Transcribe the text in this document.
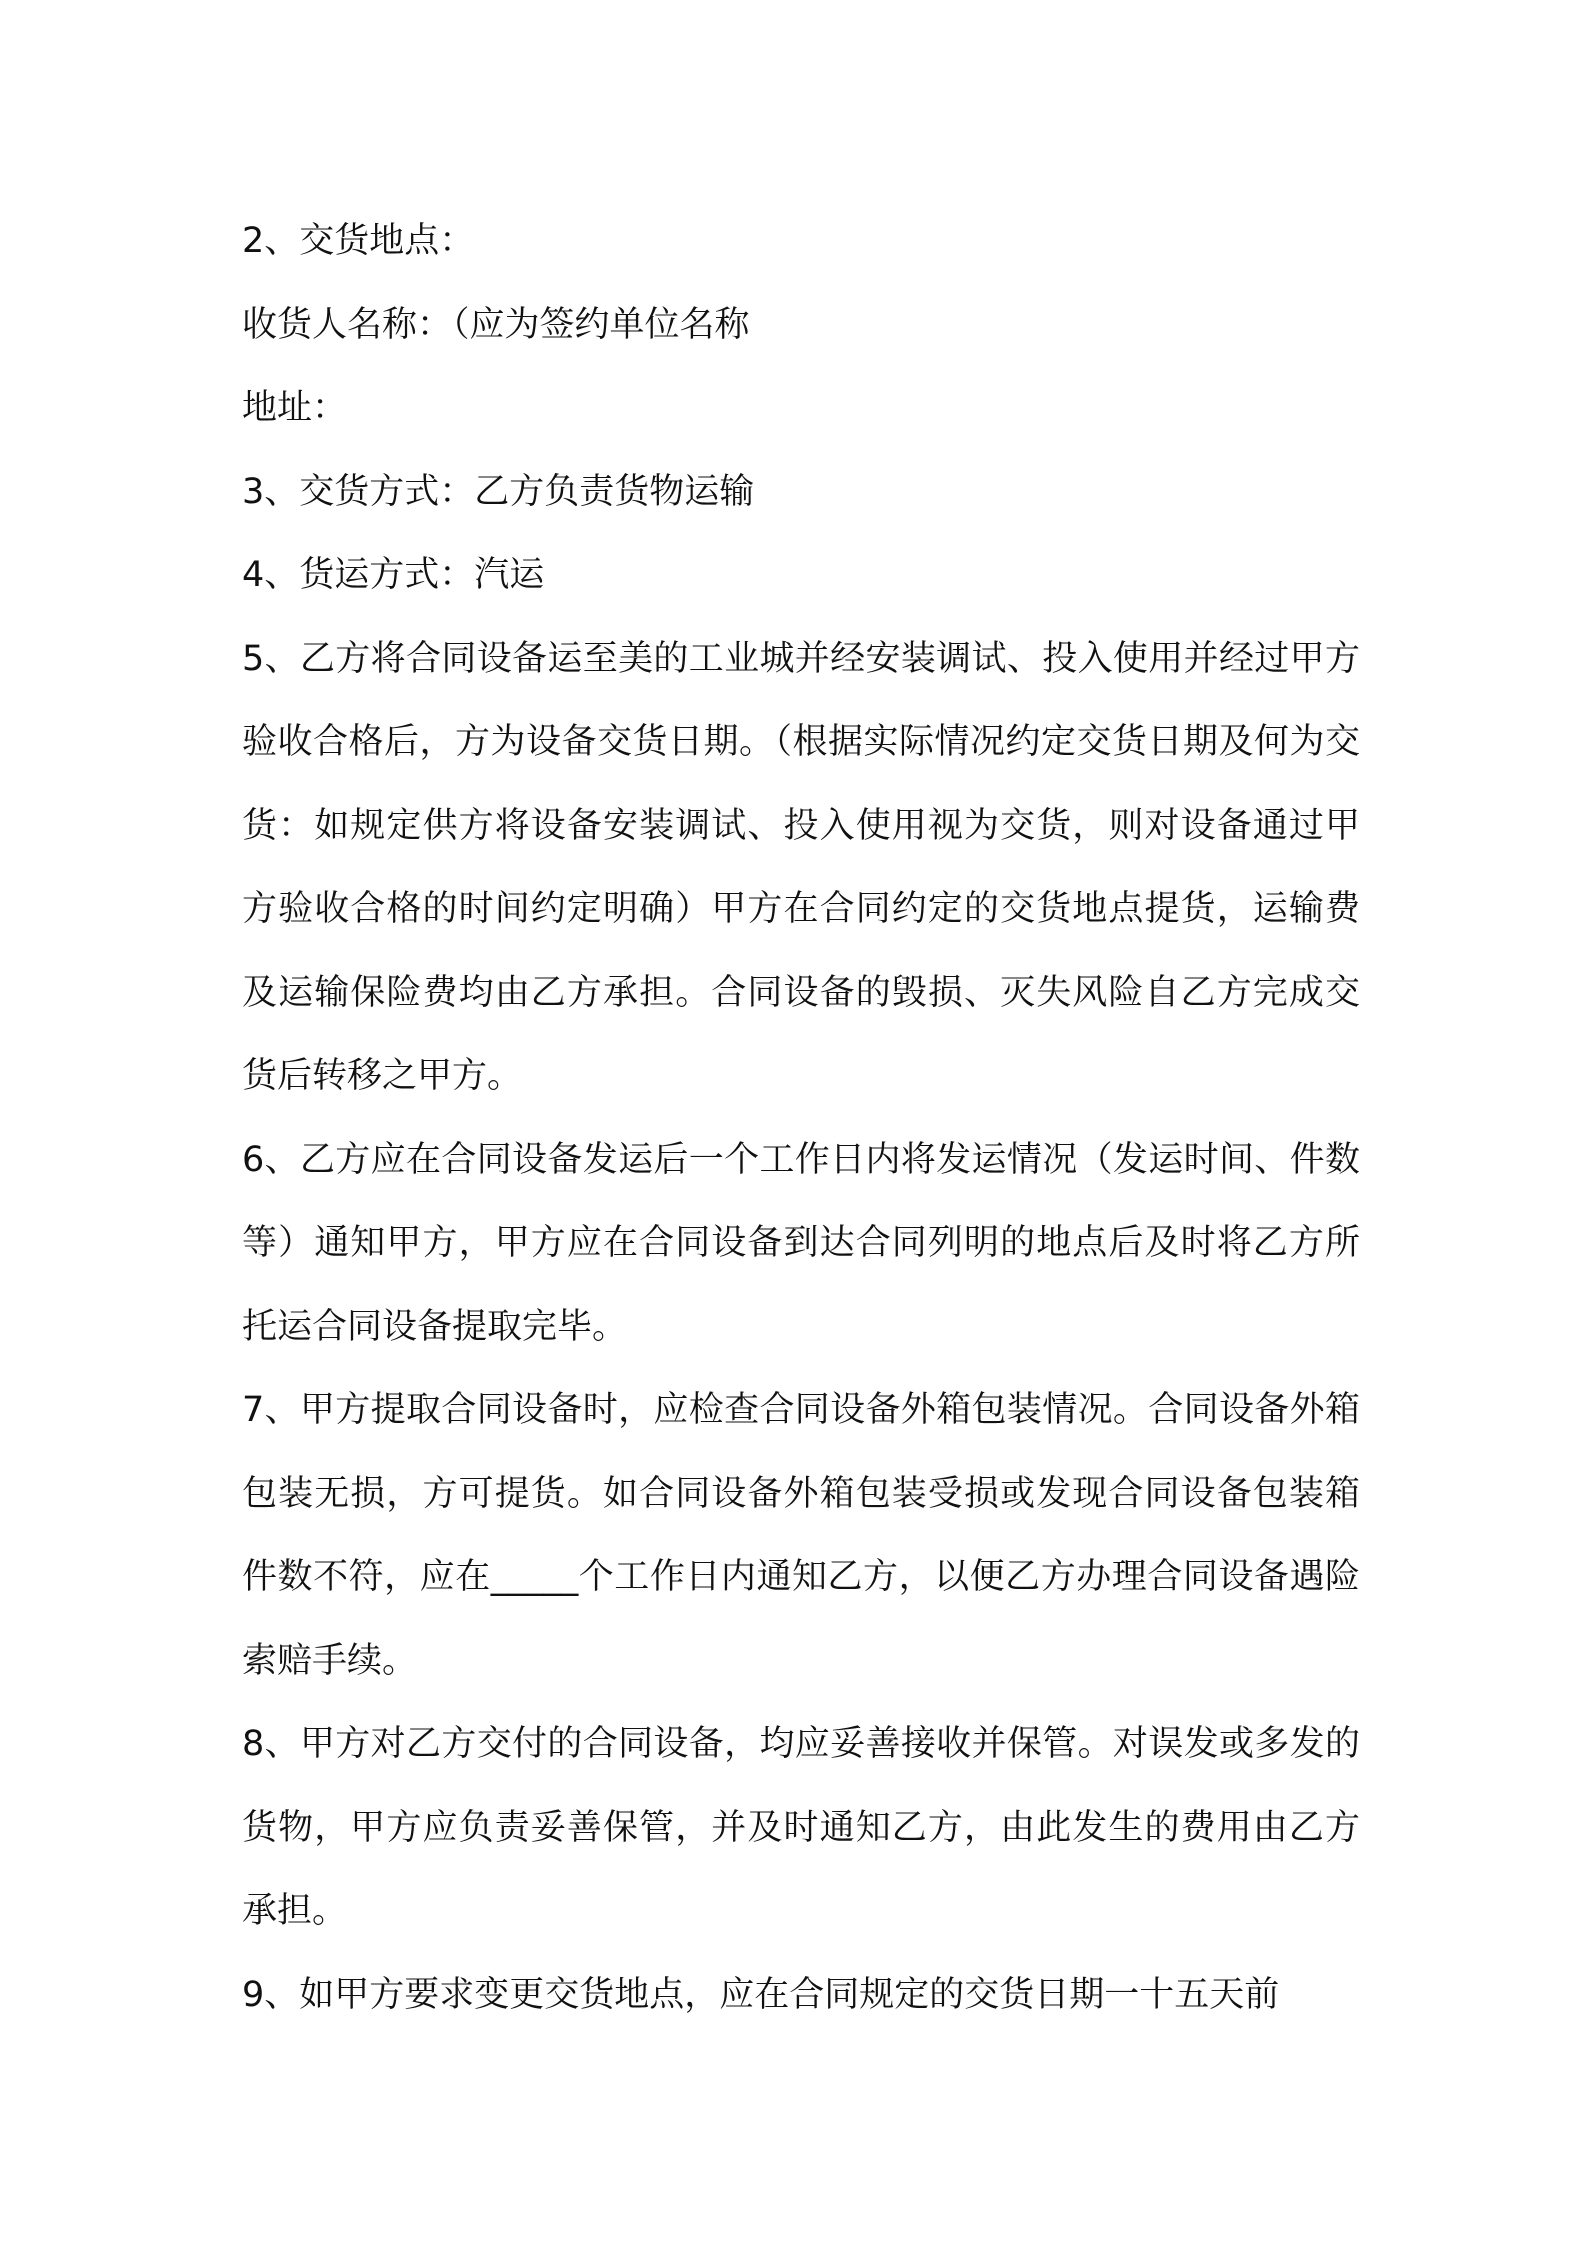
2、交货地点：

收货人名称：（应为签约单位名称

地址：

3、交货方式：乙方负责货物运输

4、货运方式：汽运

5、乙方将合同设备运至美的工业城并经安装调试、投入使用并经过甲方验收合格后，方为设备交货日期。（根据实际情况约定交货日期及何为交货：如规定供方将设备安装调试、投入使用视为交货，则对设备通过甲方验收合格的时间约定明确）甲方在合同约定的交货地点提货，运输费及运输保险费均由乙方承担。合同设备的毁损、灭失风险自乙方完成交货后转移之甲方。

6、乙方应在合同设备发运后一个工作日内将发运情况（发运时间、件数等）通知甲方，甲方应在合同设备到达合同列明的地点后及时将乙方所托运合同设备提取完毕。

7、甲方提取合同设备时，应检查合同设备外箱包装情况。合同设备外箱包装无损，方可提货。如合同设备外箱包装受损或发现合同设备包装箱件数不符，应在_____个工作日内通知乙方，以便乙方办理合同设备遇险索赔手续。

8、甲方对乙方交付的合同设备，均应妥善接收并保管。对误发或多发的货物，甲方应负责妥善保管，并及时通知乙方，由此发生的费用由乙方承担。

9、如甲方要求变更交货地点，应在合同规定的交货日期一十五天前
